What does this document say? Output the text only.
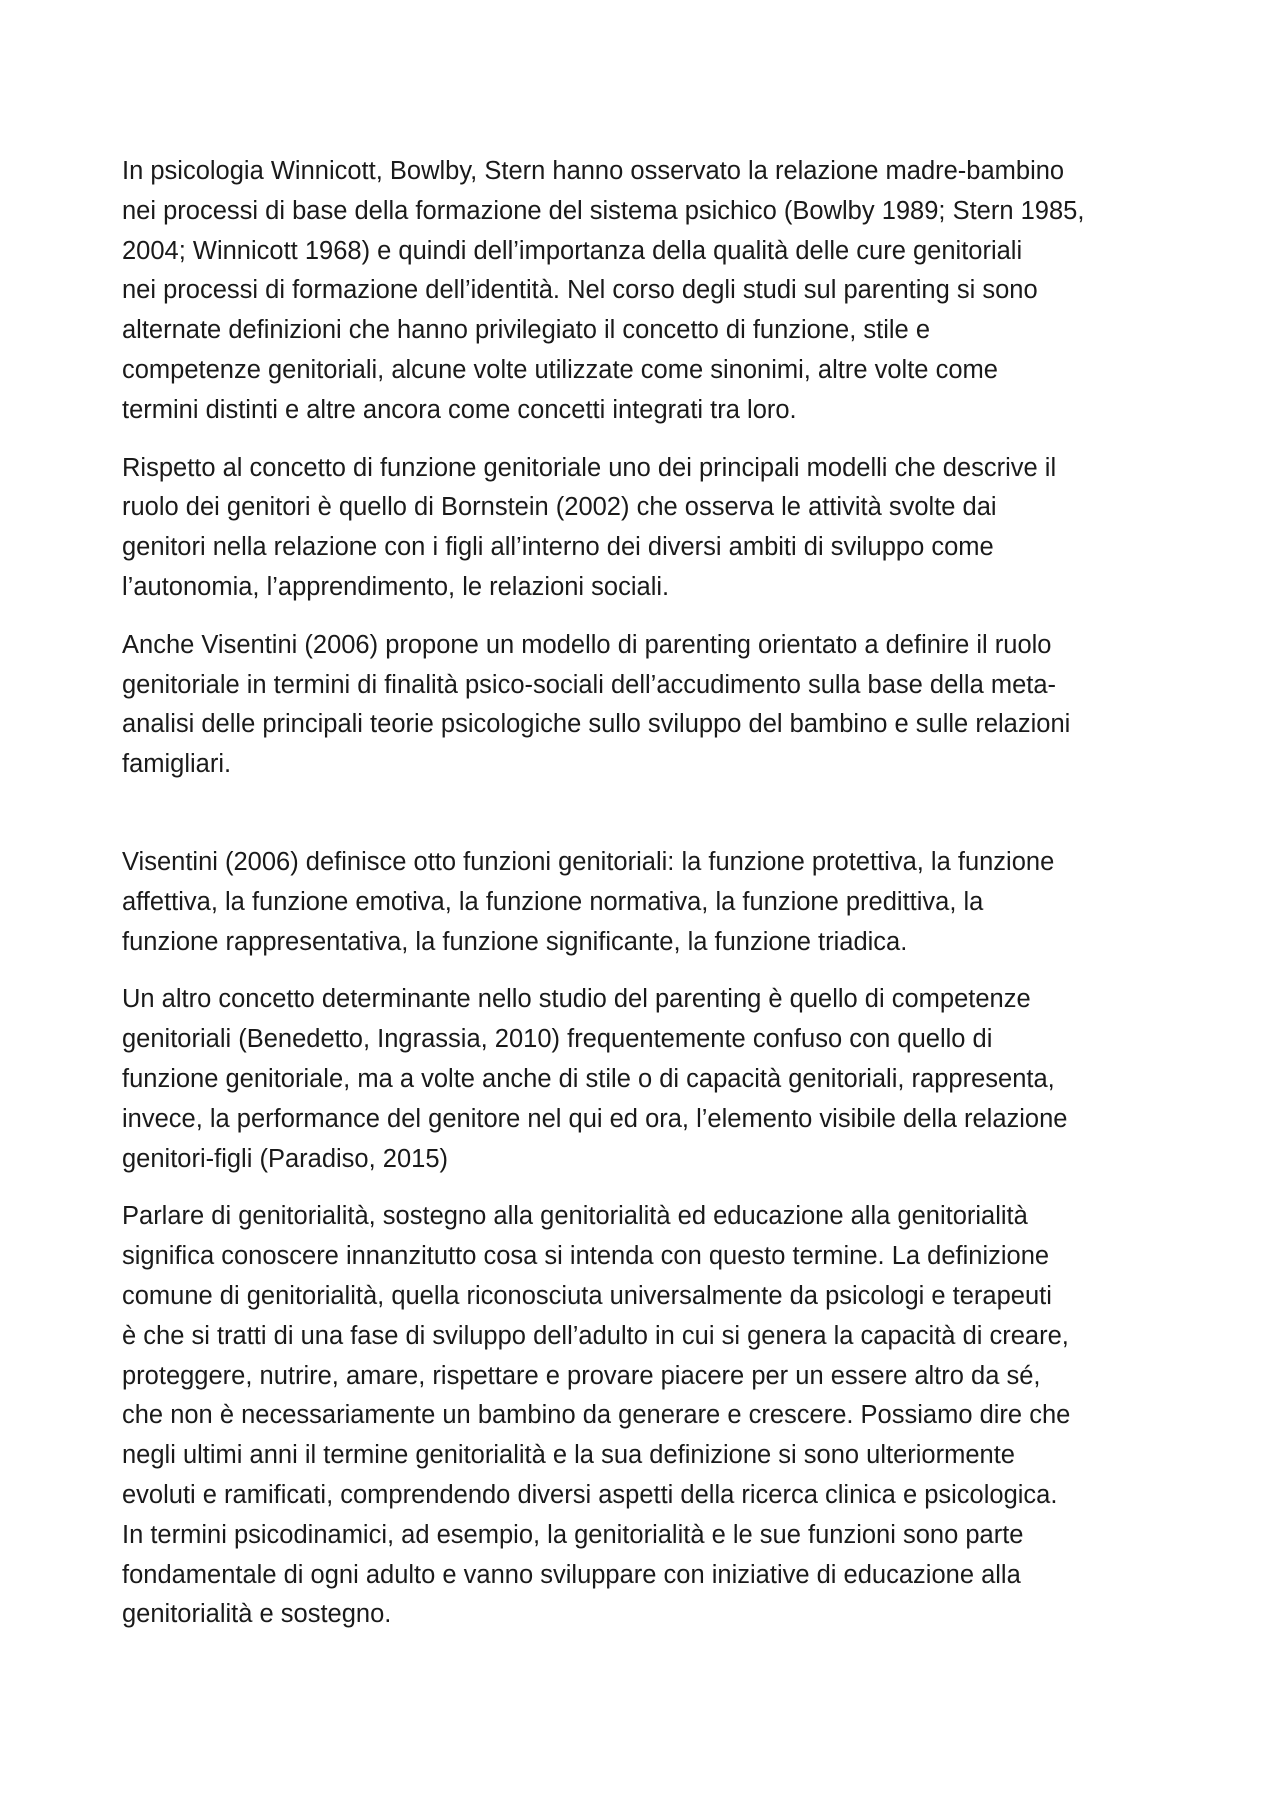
In psicologia Winnicott, Bowlby, Stern hanno osservato la relazione madre-bambino
nei processi di base della formazione del sistema psichico (Bowlby 1989; Stern 1985,
2004; Winnicott 1968) e quindi dell’importanza della qualità delle cure genitoriali
nei processi di formazione dell’identità. Nel corso degli studi sul parenting si sono
alternate definizioni che hanno privilegiato il concetto di funzione, stile e
competenze genitoriali, alcune volte utilizzate come sinonimi, altre volte come
termini distinti e altre ancora come concetti integrati tra loro.

Rispetto al concetto di funzione genitoriale uno dei principali modelli che descrive il
ruolo dei genitori è quello di Bornstein (2002) che osserva le attività svolte dai
genitori nella relazione con i figli all’interno dei diversi ambiti di sviluppo come
l’autonomia, l’apprendimento, le relazioni sociali.

Anche Visentini (2006) propone un modello di parenting orientato a definire il ruolo
genitoriale in termini di finalità psico-sociali dell’accudimento sulla base della meta-
analisi delle principali teorie psicologiche sullo sviluppo del bambino e sulle relazioni
famigliari.

Visentini (2006) definisce otto funzioni genitoriali: la funzione protettiva, la funzione
affettiva, la funzione emotiva, la funzione normativa, la funzione predittiva, la
funzione rappresentativa, la funzione significante, la funzione triadica.

Un altro concetto determinante nello studio del parenting è quello di competenze
genitoriali (Benedetto, Ingrassia, 2010) frequentemente confuso con quello di
funzione genitoriale, ma a volte anche di stile o di capacità genitoriali, rappresenta,
invece, la performance del genitore nel qui ed ora, l’elemento visibile della relazione
genitori-figli (Paradiso, 2015)

Parlare di genitorialità, sostegno alla genitorialità ed educazione alla genitorialità
significa conoscere innanzitutto cosa si intenda con questo termine. La definizione
comune di genitorialità, quella riconosciuta universalmente da psicologi e terapeuti
è che si tratti di una fase di sviluppo dell’adulto in cui si genera la capacità di creare,
proteggere, nutrire, amare, rispettare e provare piacere per un essere altro da sé,
che non è necessariamente un bambino da generare e crescere. Possiamo dire che
negli ultimi anni il termine genitorialità e la sua definizione si sono ulteriormente
evoluti e ramificati, comprendendo diversi aspetti della ricerca clinica e psicologica.
In termini psicodinamici, ad esempio, la genitorialità e le sue funzioni sono parte
fondamentale di ogni adulto e vanno sviluppare con iniziative di educazione alla
genitorialità e sostegno.
